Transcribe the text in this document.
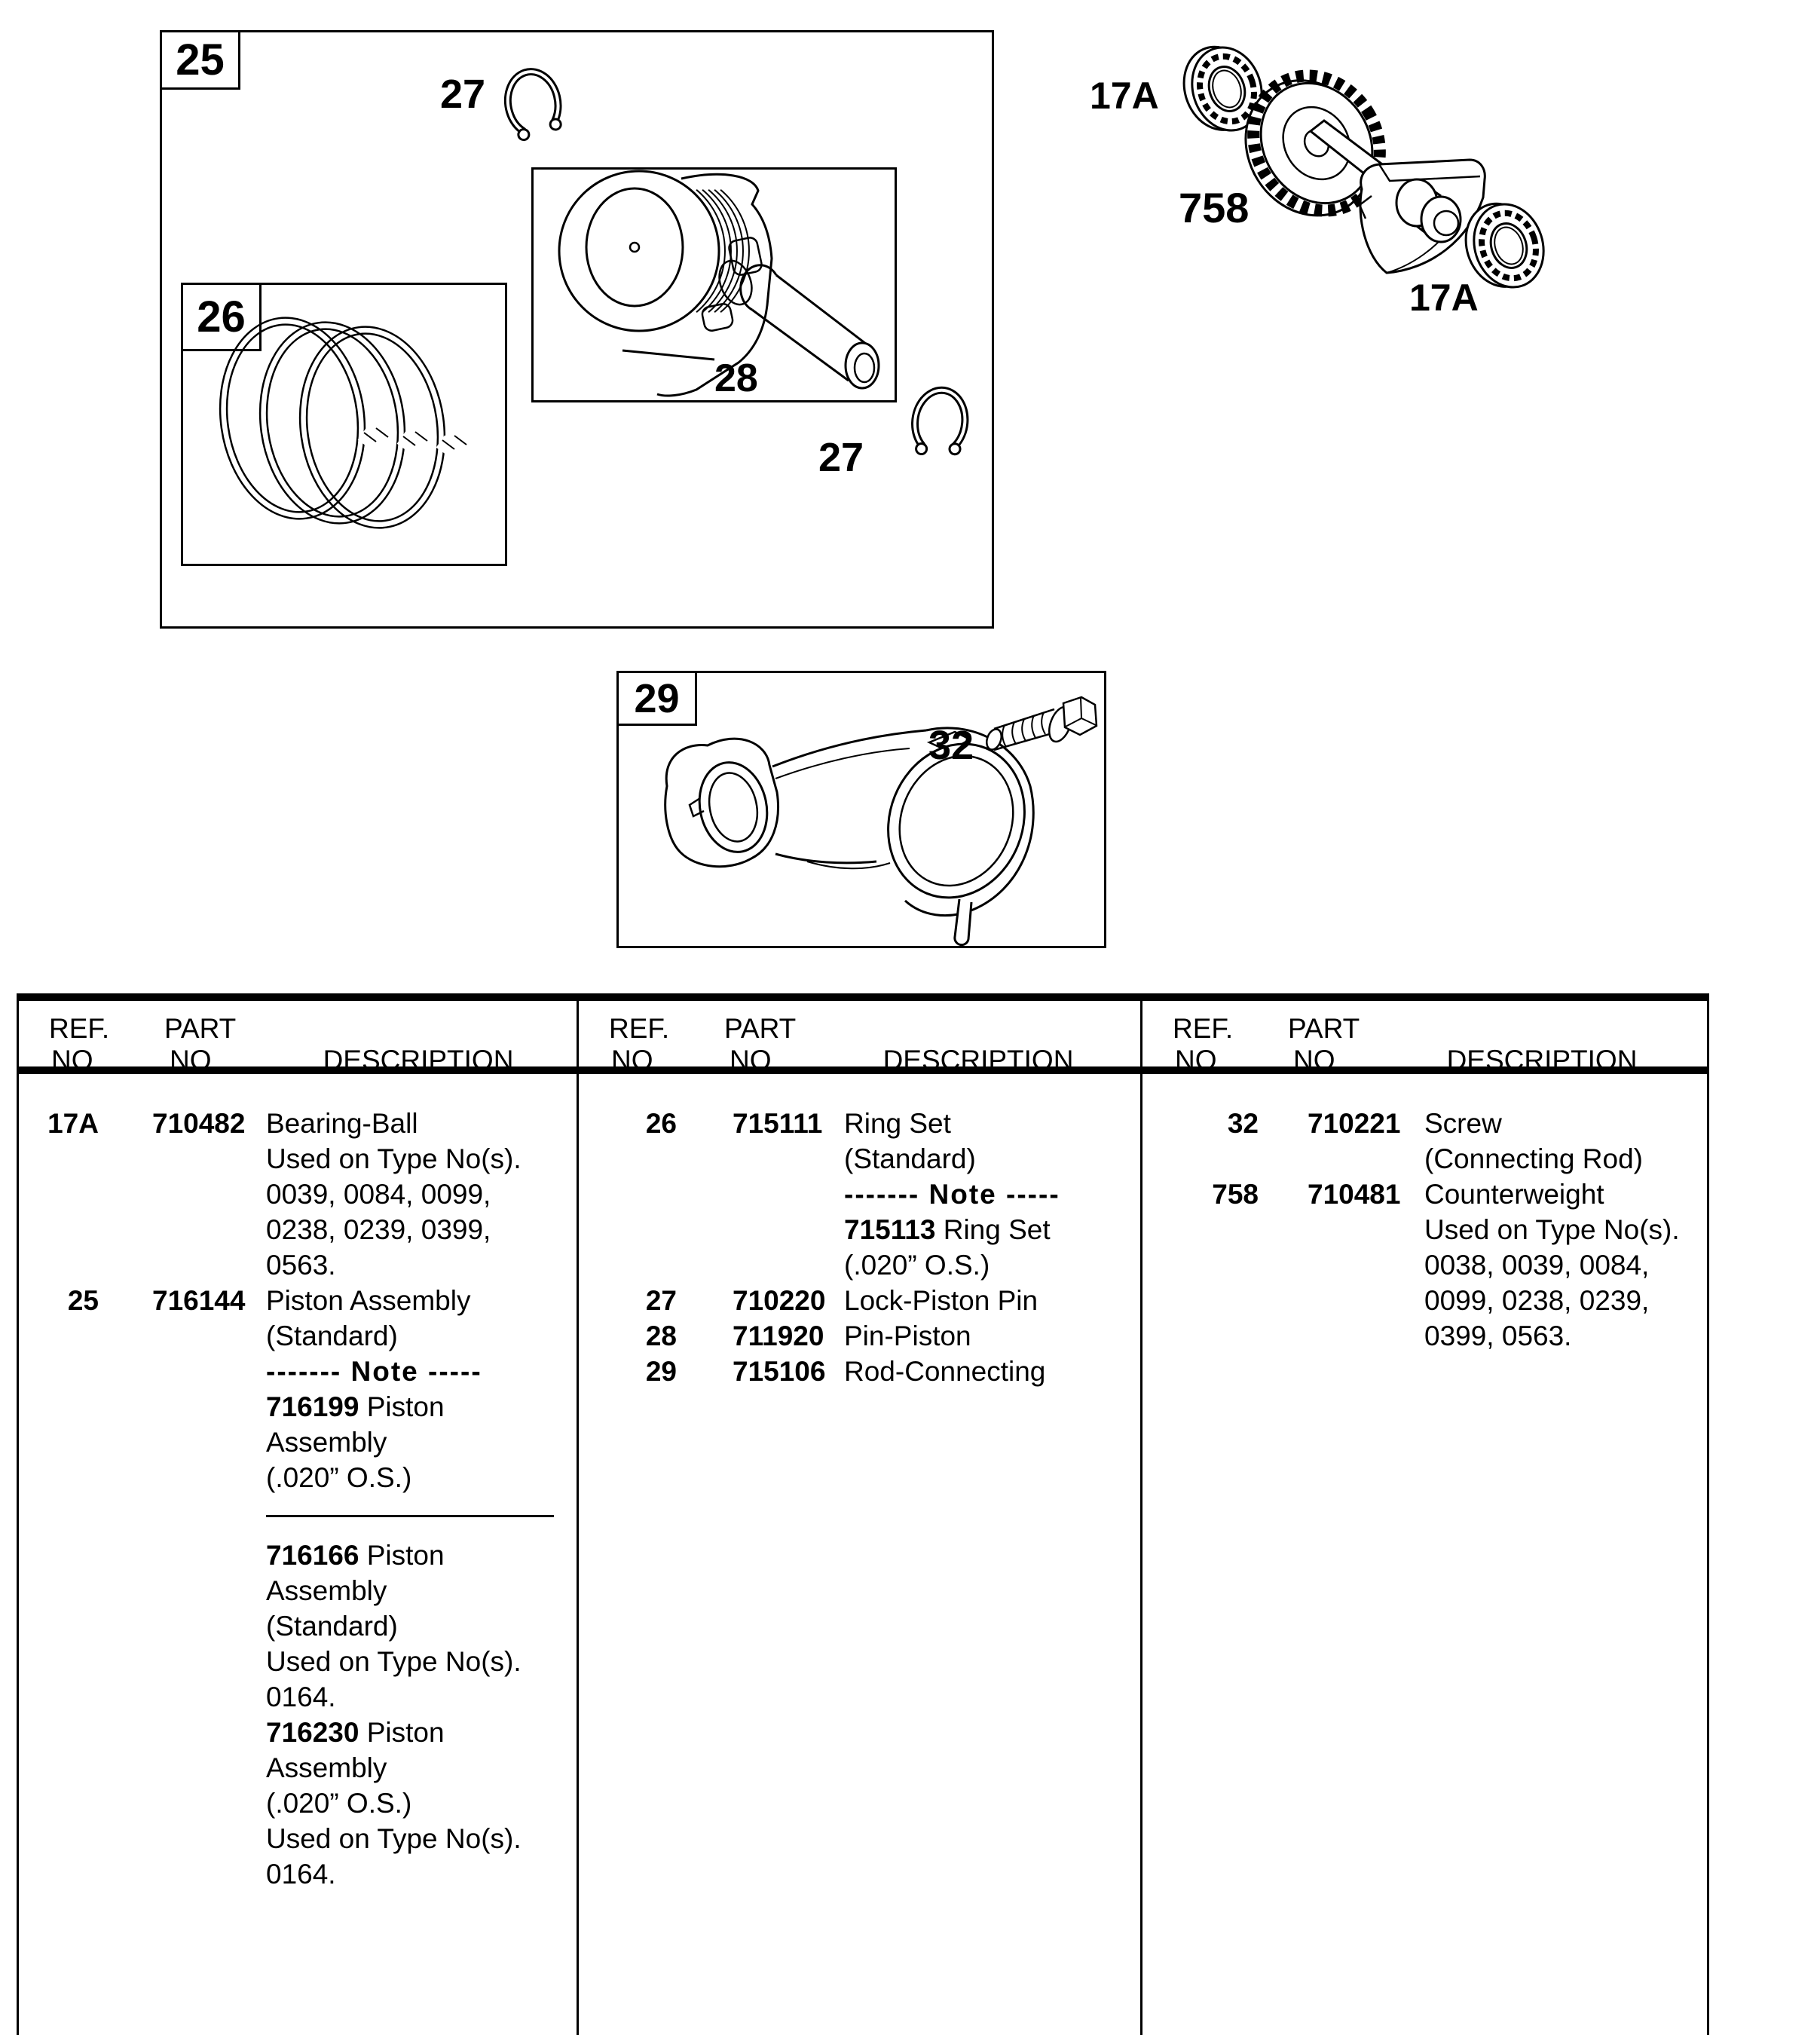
25
27
26
28
27
17A
758
17A
29
32
REF.
NO.
PART
NO.	DESCRIPTION
REF.
NO.
PART
NO.	DESCRIPTION
REF.
NO.
PART
NO.	DESCRIPTION
17A 710482 Bearing-Ball
Used on Type No(s).
0039, 0084, 0099,
0238, 0239, 0399,
0563.
25 716144 Piston Assembly
(Standard)
------- Note -----
716199 Piston
Assembly
(.020” O.S.)
716166 Piston
Assembly
(Standard)
Used on Type No(s).
0164.
716230 Piston
Assembly
(.020” O.S.)
Used on Type No(s).
0164.
26 715111 Ring Set
(Standard)
------- Note -----
715113 Ring Set
(.020” O.S.)
27 710220 Lock-Piston Pin
28 711920 Pin-Piston
29 715106 Rod-Connecting
32 710221 Screw
(Connecting Rod)
758 710481 Counterweight
Used on Type No(s).
0038, 0039, 0084,
0099, 0238, 0239,
0399, 0563.
